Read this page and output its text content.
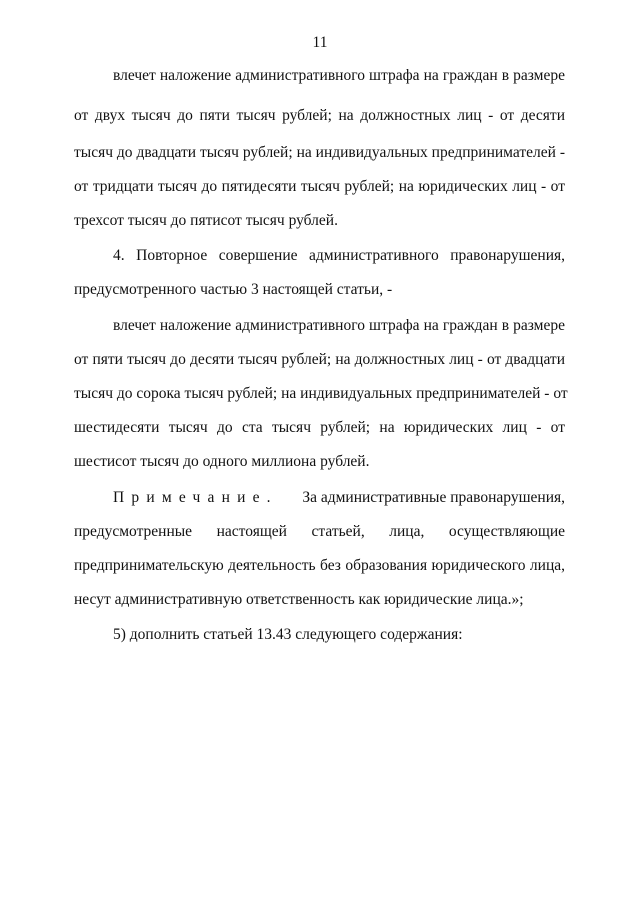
11
влечет наложение административного штрафа на граждан в размере
от двух тысяч до пяти тысяч рублей; на должностных лиц - от десяти
тысяч до двадцати тысяч рублей; на индивидуальных предпринимателей -
от тридцати тысяч до пятидесяти тысяч рублей; на юридических лиц - от
трехсот тысяч до пятисот тысяч рублей.
4. Повторное совершение административного правонарушения,
предусмотренного частью 3 настоящей статьи, -
влечет наложение административного штрафа на граждан в размере
от пяти тысяч до десяти тысяч рублей; на должностных лиц - от двадцати
тысяч до сорока тысяч рублей; на индивидуальных предпринимателей - от
шестидесяти тысяч до ста тысяч рублей; на юридических лиц - от
шестисот тысяч до одного миллиона рублей.
Примечание. За административные правонарушения,
предусмотренные настоящей статьей, лица, осуществляющие
предпринимательскую деятельность без образования юридического лица,
несут административную ответственность как юридические лица.»;
5) дополнить статьей 13.43 следующего содержания:
